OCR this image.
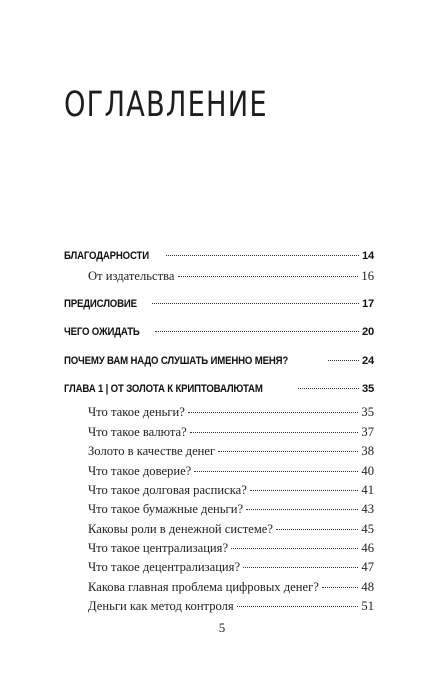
ОГЛАВЛЕНИЕ
БЛАГОДАРНОСТИ	14
От издательства	16
ПРЕДИСЛОВИЕ	17
ЧЕГО ОЖИДАТЬ	20
ПОЧЕМУ ВАМ НАДО СЛУШАТЬ ИМЕННО МЕНЯ?	24
ГЛАВА 1 | ОТ ЗОЛОТА К КРИПТОВАЛЮТАМ	35
Что такое деньги?	35
Что такое валюта?	37
Золото в качестве денег	38
Что такое доверие?	40
Что такое долговая расписка?	41
Что такое бумажные деньги?	43
Каковы роли в денежной системе?	45
Что такое централизация?	46
Что такое децентрализация?	47
Какова главная проблема цифровых денег?	48
Деньги как метод контроля	51
5
